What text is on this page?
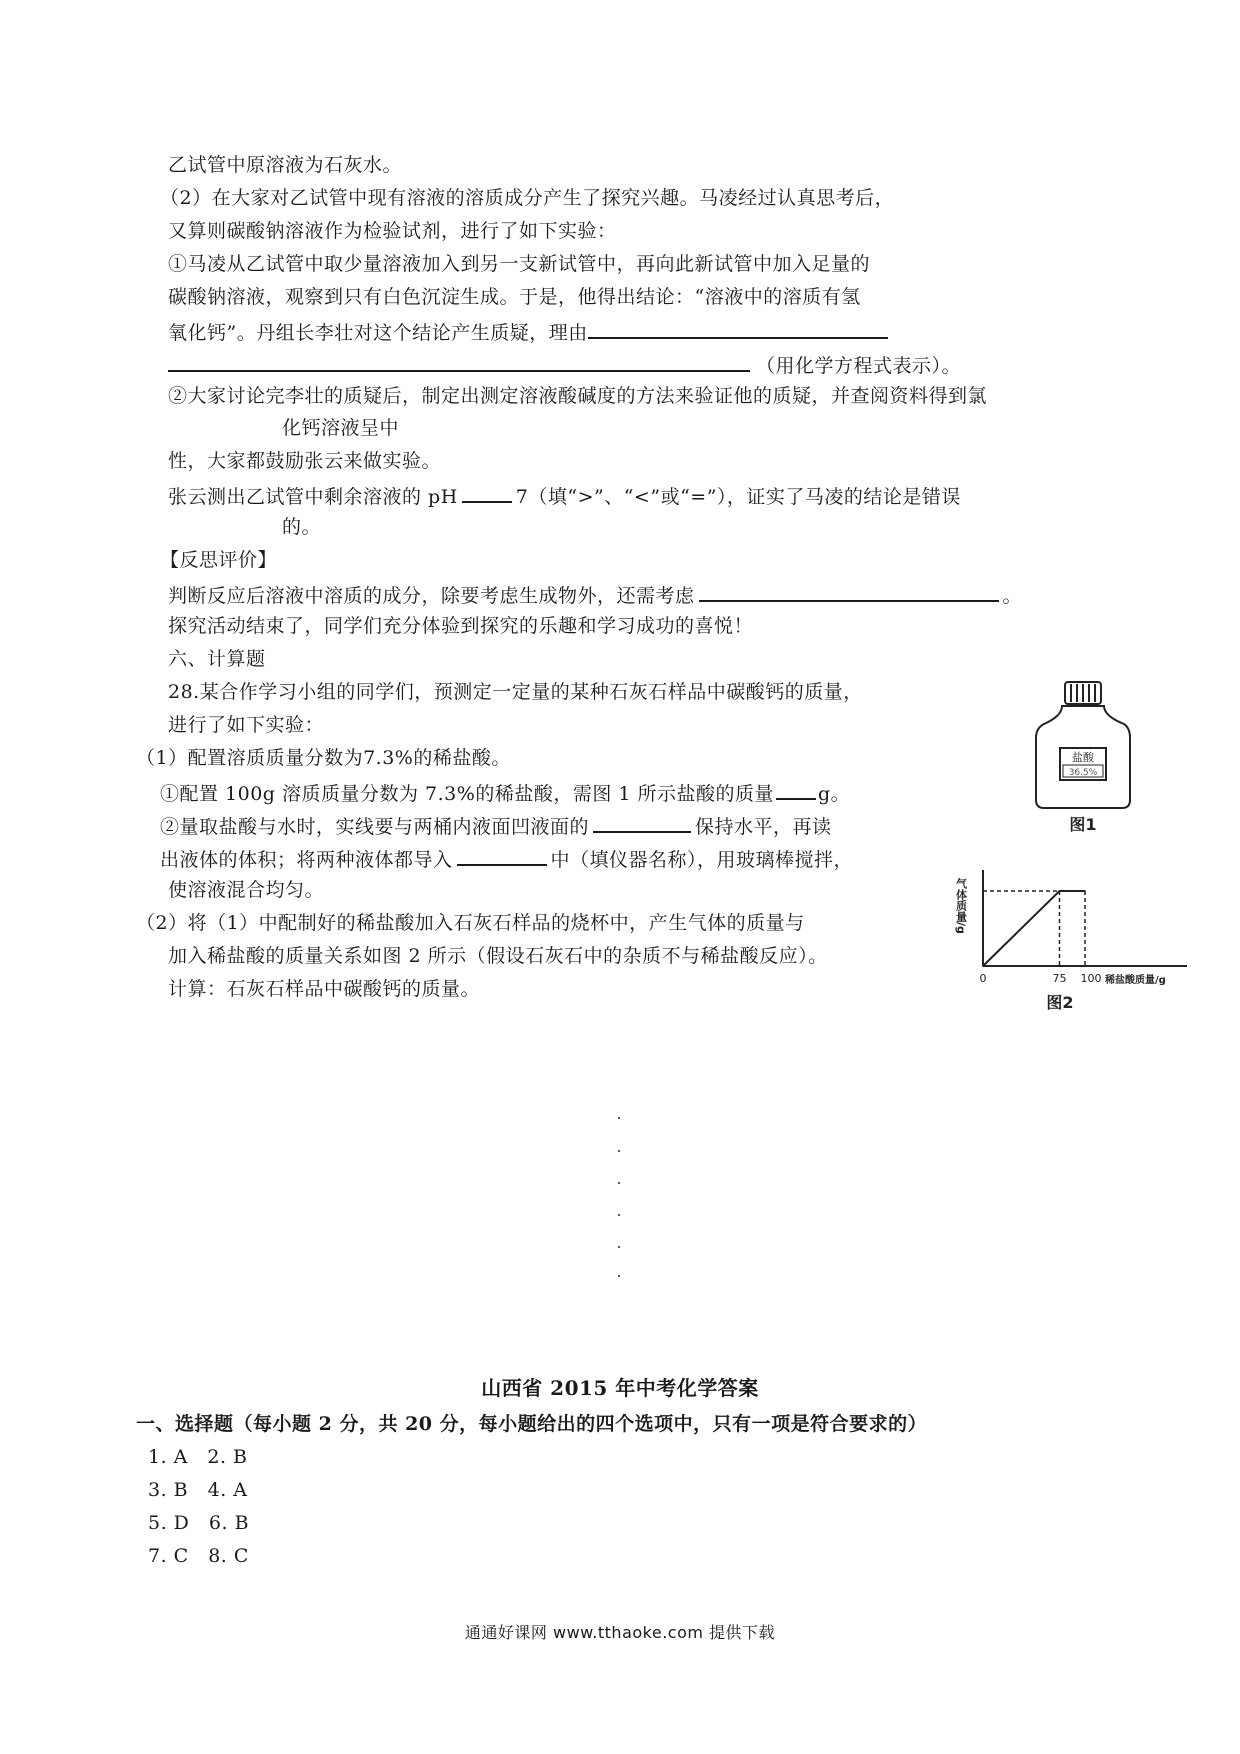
乙试管中原溶液为石灰水。
（2）在大家对乙试管中现有溶液的溶质成分产生了探究兴趣。马凌经过认真思考后，
又算则碳酸钠溶液作为检验试剂，进行了如下实验：
①马凌从乙试管中取少量溶液加入到另一支新试管中，再向此新试管中加入足量的
碳酸钠溶液，观察到只有白色沉淀生成。于是，他得出结论：“溶液中的溶质有氢
氧化钙”。丹组长李壮对这个结论产生质疑，理由
（用化学方程式表示）。
②大家讨论完李壮的质疑后，制定出测定溶液酸碱度的方法来验证他的质疑，并查阅资料得到氯
化钙溶液呈中
性，大家都鼓励张云来做实验。
张云测出乙试管中剩余溶液的 pH	7（填“>”、“<”或“=”），证实了马凌的结论是错误
的。
【反思评价】
判断反应后溶液中溶质的成分，除要考虑生成物外，还需考虑	。
探究活动结束了，同学们充分体验到探究的乐趣和学习成功的喜悦！
六、计算题
28.某合作学习小组的同学们，预测定一定量的某种石灰石样品中碳酸钙的质量，
进行了如下实验：
（1）配置溶质质量分数为7.3%的稀盐酸。
①配置 100g 溶质质量分数为 7.3%的稀盐酸，需图 1 所示盐酸的质量 g。
②量取盐酸与水时，实线要与两桶内液面凹液面的	保持水平，再读
出液体的体积；将两种液体都导入	中（填仪器名称），用玻璃棒搅拌，
使溶液混合均匀。
（2）将（1）中配制好的稀盐酸加入石灰石样品的烧杯中，产生气体的质量与
加入稀盐酸的质量关系如图 2 所示（假设石灰石中的杂质不与稀盐酸反应）。
计算：石灰石样品中碳酸钙的质量。
盐酸
36.5%
图1
气体质量/g
0	75 100 稀盐酸质量/g
图2
山西省 2015 年中考化学答案
一、选择题（每小题 2 分，共 20 分，每小题给出的四个选项中，只有一项是符合要求的）
1. A　2. B
3. B　4. A
5. D　6. B
7. C　8. C
通通好课网 www.tthaoke.com 提供下载
